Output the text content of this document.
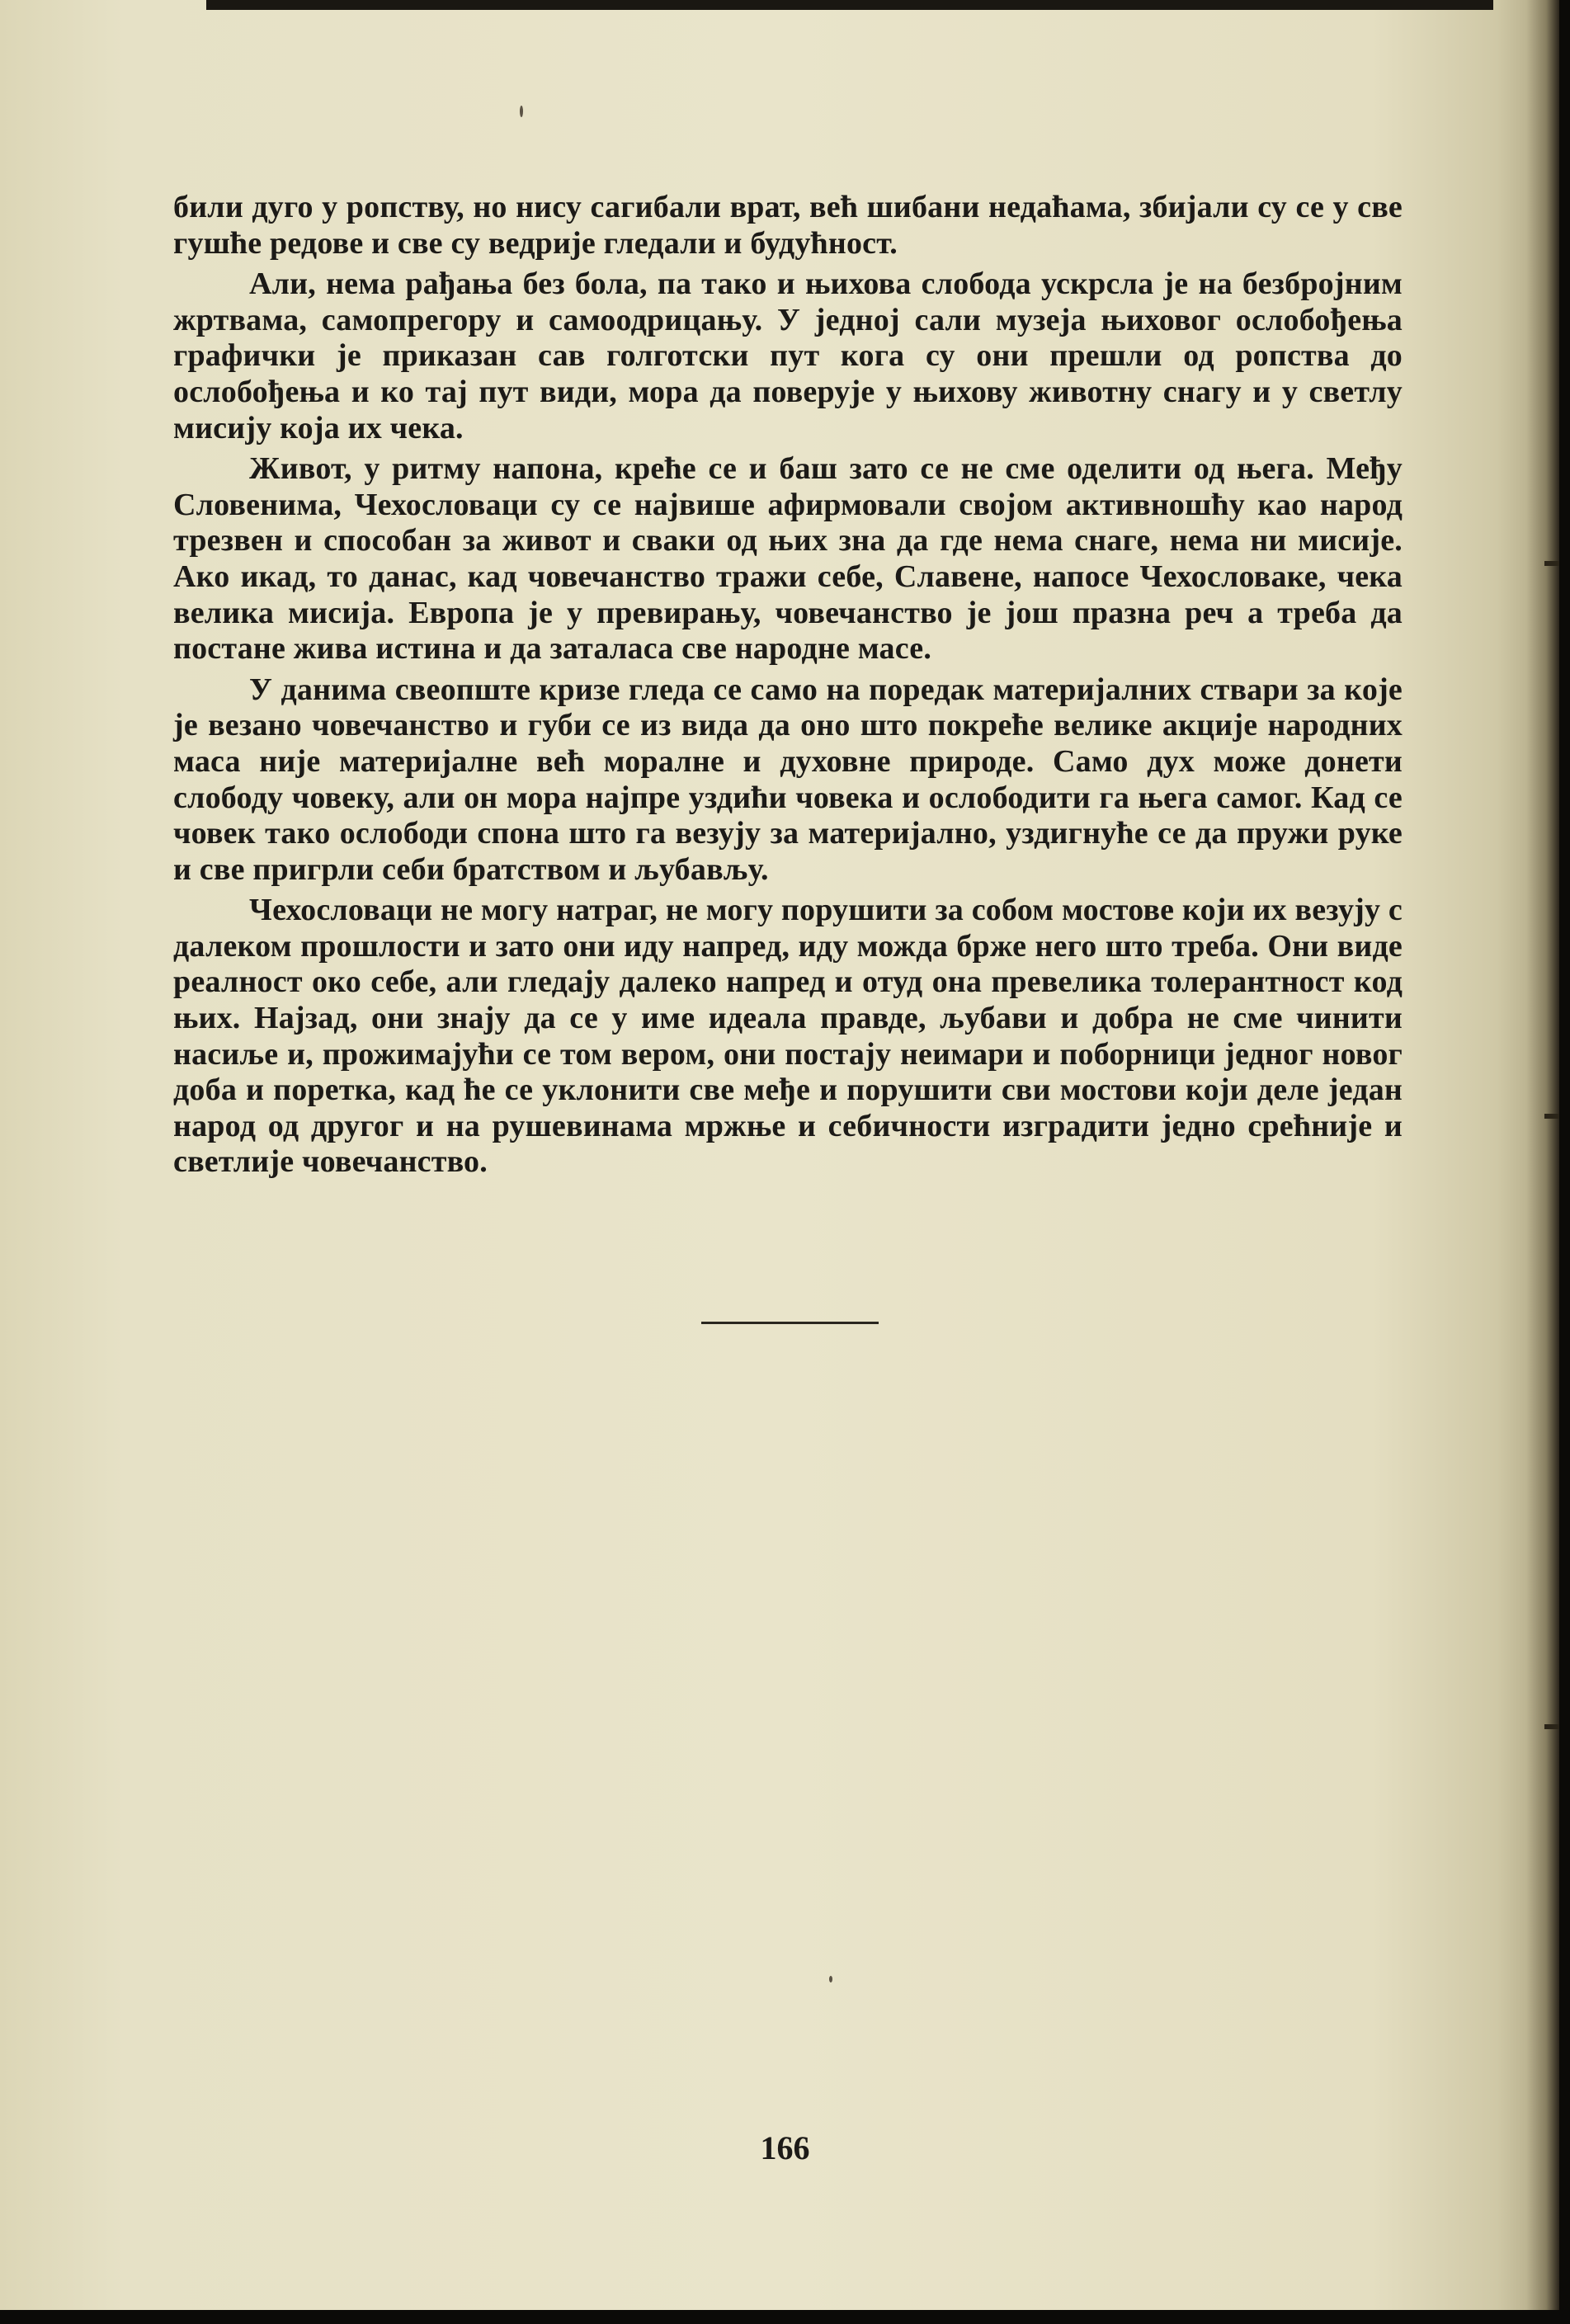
били дуго у ропству, но нису сагибали врат, већ шибани недаћама, збијали су се у све гушће редове и све су ведрије гледали и будућност.

Али, нема рађања без бола, па тако и њихова слобода ускрсла је на безбројним жртвама, самопрегору и самоодрицању. У једној сали музеја њиховог ослобођења графички је приказан сав голготски пут кога су они прешли од ропства до ослобођења и ко тај пут види, мора да поверује у њихову животну снагу и у светлу мисију која их чека.

Живот, у ритму напона, креће се и баш зато се не сме оделити од њега. Међу Словенима, Чехословаци су се највише афирмовали својом активношћу као народ трезвен и способан за живот и сваки од њих зна да где нема снаге, нема ни мисије. Ако икад, то данас, кад човечанство тражи себе, Славене, напосе Чехословаке, чека велика мисија. Европа је у превирању, човечанство је још празна реч а треба да постане жива истина и да заталаса све народне масе.

У данима свеопште кризе гледа се само на поредак материјалних ствари за које је везано човечанство и губи се из вида да оно што покреће велике акције народних маса није материјалне већ моралне и духовне природе. Само дух може донети слободу човеку, али он мора најпре уздићи човека и ослободити га њега самог. Кад се човек тако ослободи спона што га везују за материјално, уздигнуће се да пружи руке и све пригрли себи братством и љубављу.

Чехословаци не могу натраг, не могу порушити за собом мостове који их везују с далеком прошлости и зато они иду напред, иду можда брже него што треба. Они виде реалност око себе, али гледају далеко напред и отуд она превелика толерантност код њих. Најзад, они знају да се у име идеала правде, љубави и добра не сме чинити насиље и, прожимајући се том вером, они постају неимари и поборници једног новог доба и поретка, кад ће се уклонити све међе и порушити сви мостови који деле један народ од другог и на рушевинама мржње и себичности изградити једно срећније и светлије човечанство.

166
